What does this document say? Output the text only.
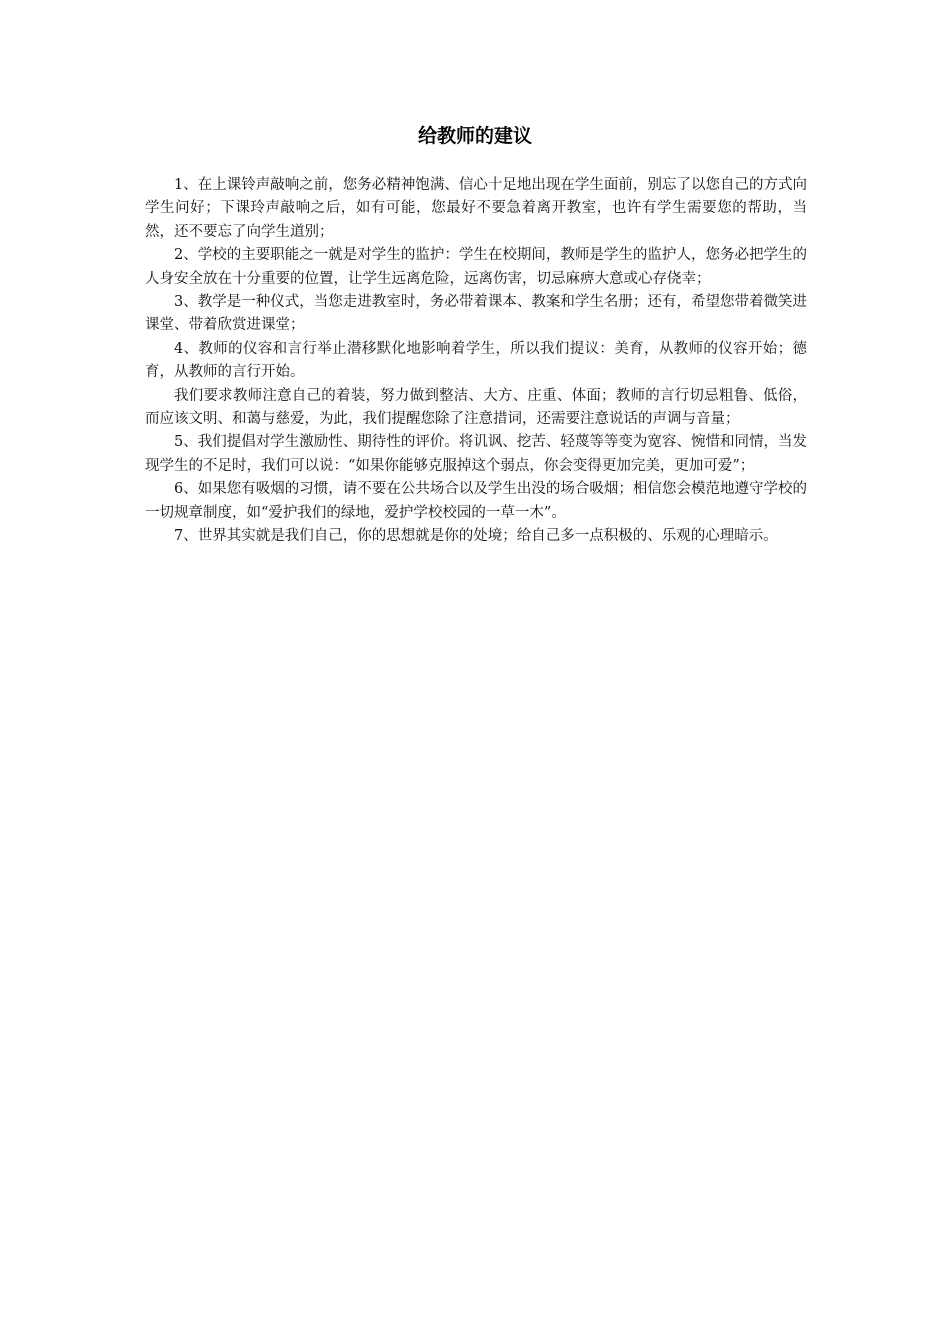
给教师的建议

1、在上课铃声敲响之前，您务必精神饱满、信心十足地出现在学生面前，别忘了以您自己的方式向学生问好；下课玲声敲响之后，如有可能，您最好不要急着离开教室，也许有学生需要您的帮助，当然，还不要忘了向学生道别；

2、学校的主要职能之一就是对学生的监护：学生在校期间，教师是学生的监护人，您务必把学生的人身安全放在十分重要的位置，让学生远离危险，远离伤害，切忌麻痹大意或心存侥幸；

3、教学是一种仪式，当您走进教室时，务必带着课本、教案和学生名册；还有，希望您带着微笑进课堂、带着欣赏进课堂；

4、教师的仪容和言行举止潜移默化地影响着学生，所以我们提议：美育，从教师的仪容开始；德育，从教师的言行开始。

我们要求教师注意自己的着装，努力做到整洁、大方、庄重、体面；教师的言行切忌粗鲁、低俗，而应该文明、和蔼与慈爱，为此，我们提醒您除了注意措词，还需要注意说话的声调与音量；

5、我们提倡对学生激励性、期待性的评价。将讥讽、挖苦、轻蔑等等变为宽容、惋惜和同情，当发现学生的不足时，我们可以说：“如果你能够克服掉这个弱点，你会变得更加完美，更加可爱”；

6、如果您有吸烟的习惯，请不要在公共场合以及学生出没的场合吸烟；相信您会模范地遵守学校的一切规章制度，如“爱护我们的绿地，爱护学校校园的一草一木”。

7、世界其实就是我们自己，你的思想就是你的处境；给自己多一点积极的、乐观的心理暗示。
